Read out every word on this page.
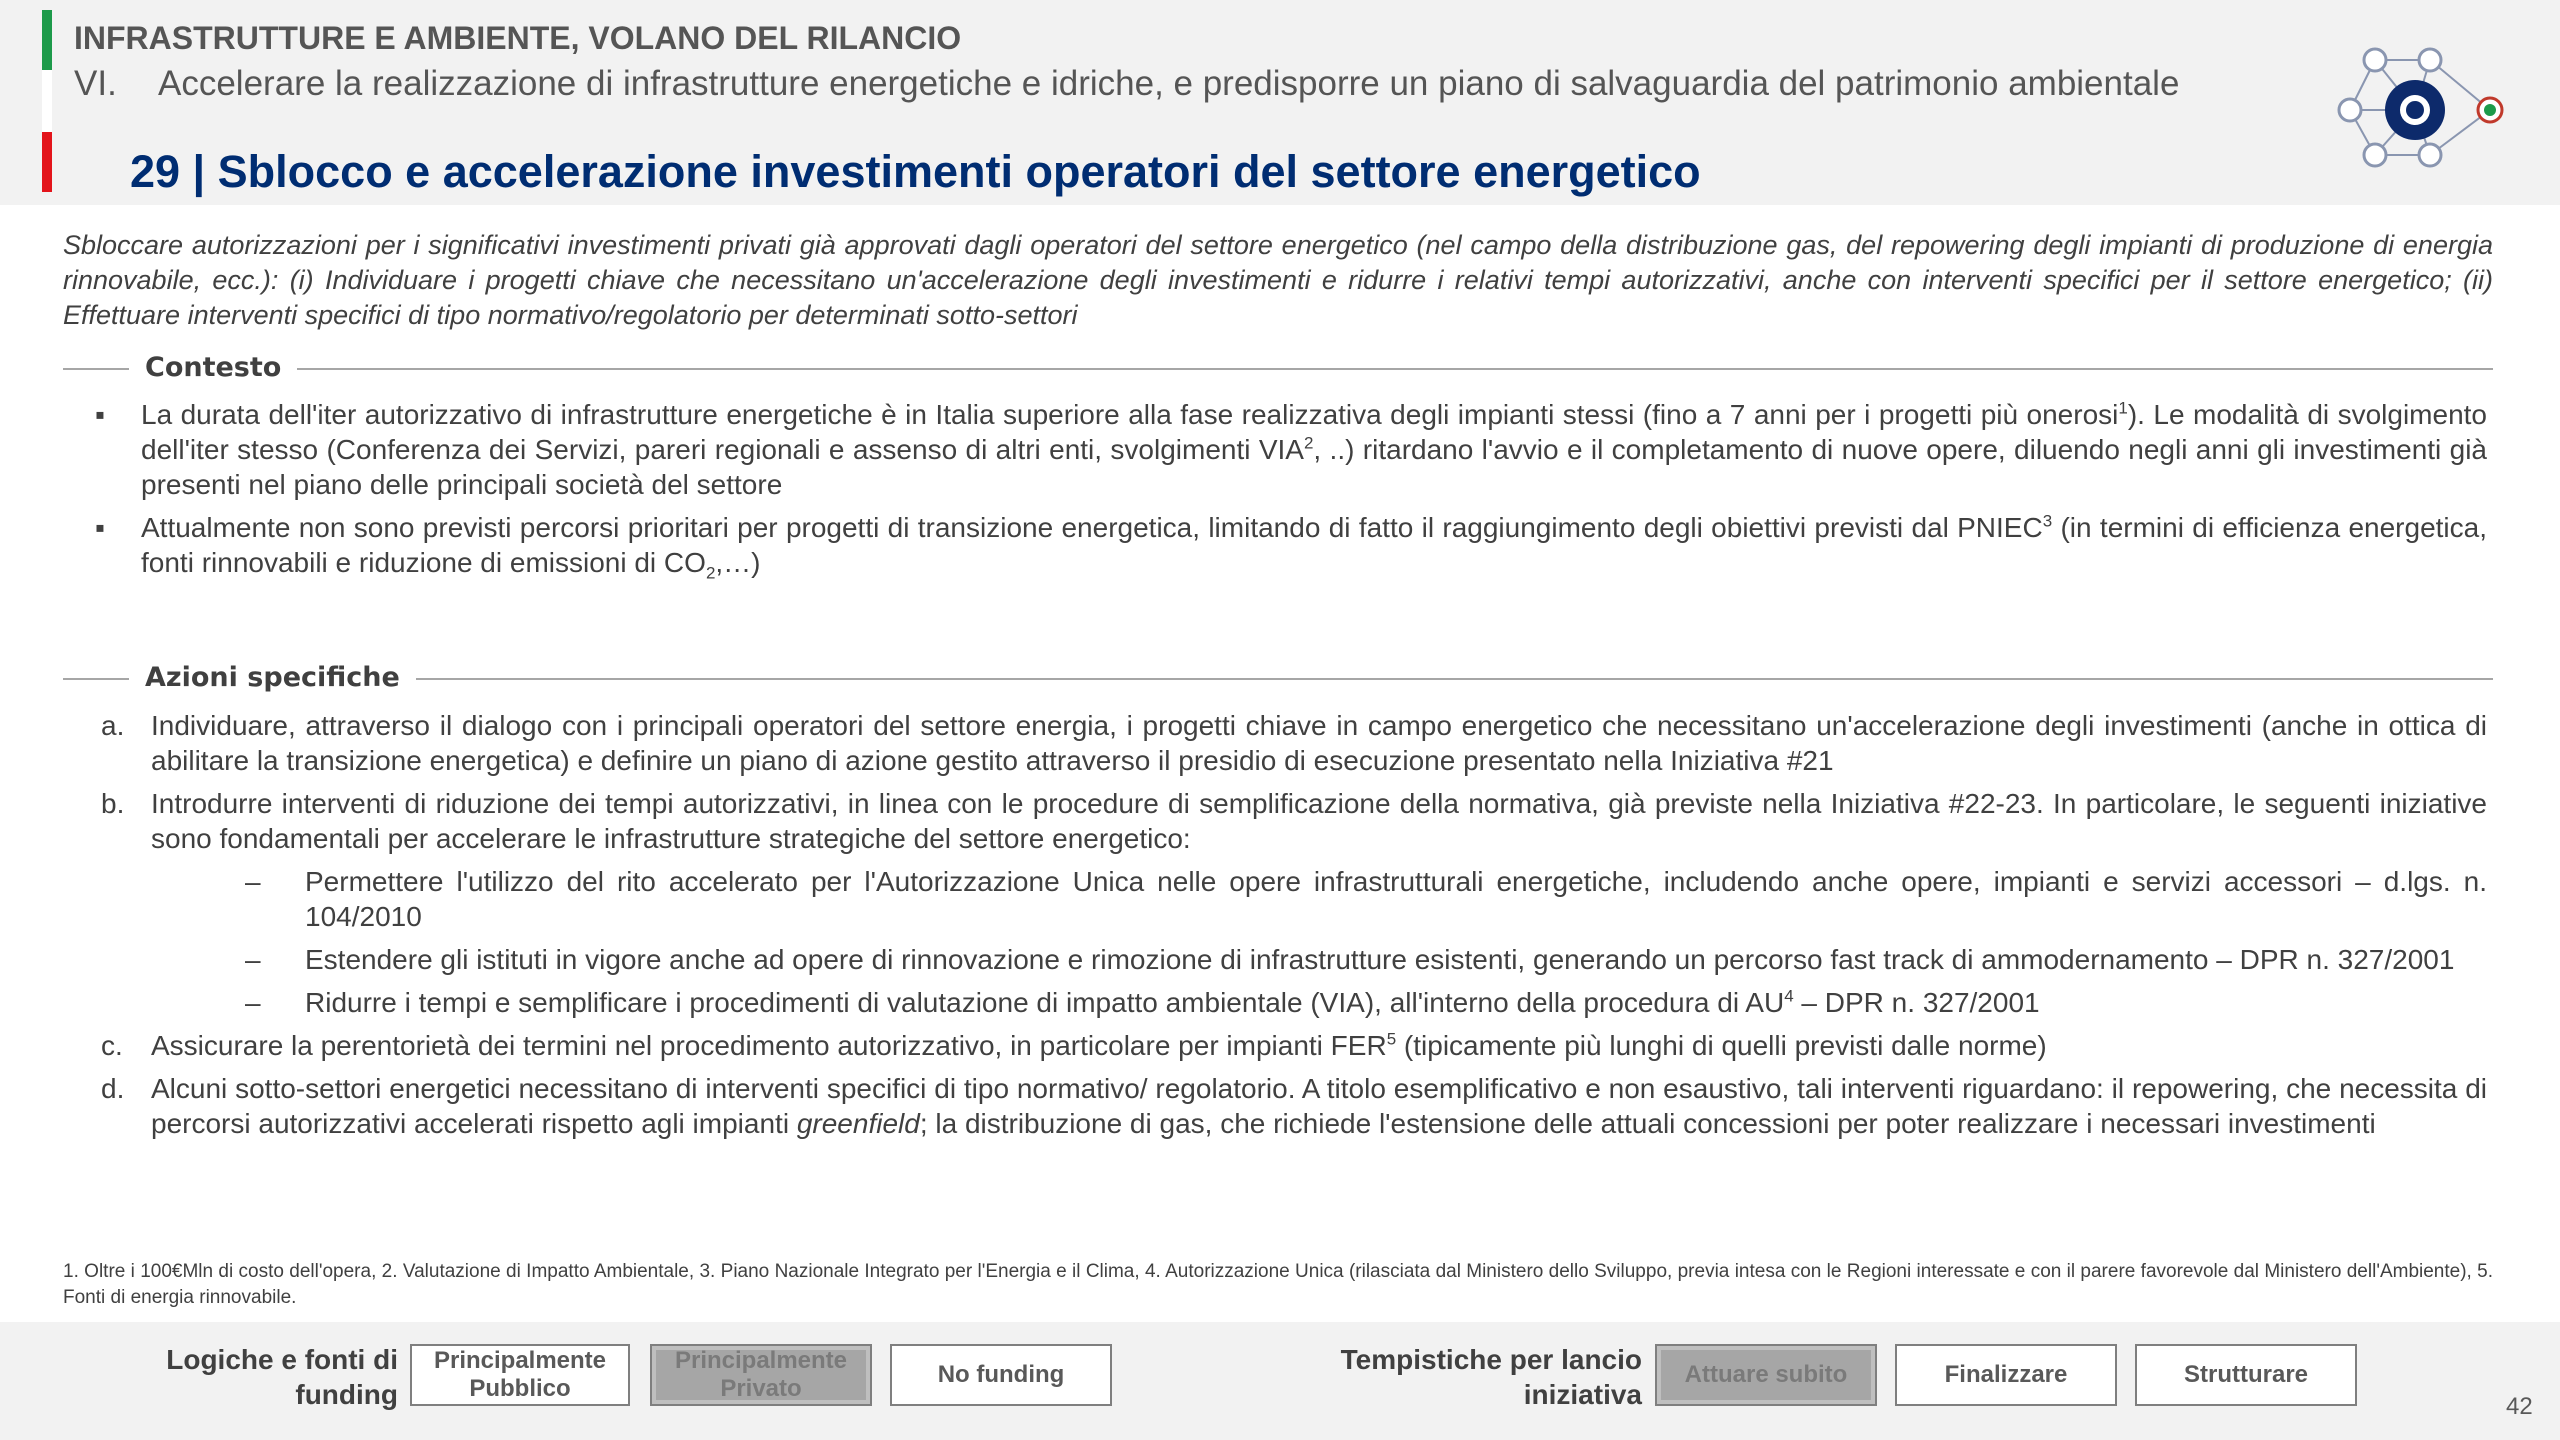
INFRASTRUTTURE E AMBIENTE, VOLANO DEL RILANCIO
VI. Accelerare la realizzazione di infrastrutture energetiche e idriche, e predisporre un piano di salvaguardia del patrimonio ambientale
29 | Sblocco e accelerazione investimenti operatori del settore energetico
Sbloccare autorizzazioni per i significativi investimenti privati già approvati dagli operatori del settore energetico (nel campo della distribuzione gas, del repowering degli impianti di produzione di energia rinnovabile, ecc.): (i) Individuare i progetti chiave che necessitano un'accelerazione degli investimenti e ridurre i relativi tempi autorizzativi, anche con interventi specifici per il settore energetico; (ii) Effettuare interventi specifici di tipo normativo/regolatorio per determinati sotto-settori
Contesto
▪ La durata dell'iter autorizzativo di infrastrutture energetiche è in Italia superiore alla fase realizzativa degli impianti stessi (fino a 7 anni per i progetti più onerosi$^1$). Le modalità di svolgimento dell'iter stesso (Conferenza dei Servizi, pareri regionali e assenso di altri enti, svolgimenti VIA$^2$, ..) ritardano l'avvio e il completamento di nuove opere, diluendo negli anni gli investimenti già presenti nel piano delle principali società del settore
▪ Attualmente non sono previsti percorsi prioritari per progetti di transizione energetica, limitando di fatto il raggiungimento degli obiettivi previsti dal PNIEC$^3$ (in termini di efficienza energetica, fonti rinnovabili e riduzione di emissioni di $CO_2,\dots$)
Azioni specifiche
a. Individuare, attraverso il dialogo con i principali operatori del settore energia, i progetti chiave in campo energetico che necessitano un'accelerazione degli investimenti (anche in ottica di abilitare la transizione energetica) e definire un piano di azione gestito attraverso il presidio di esecuzione presentato nella Iniziativa #21
b. Introdurre interventi di riduzione dei tempi autorizzativi, in linea con le procedure di semplificazione della normativa, già previste nella Iniziativa #22-23. In particolare, le seguenti iniziative sono fondamentali per accelerare le infrastrutture strategiche del settore energetico:
– Permettere l'utilizzo del rito accelerato per l'Autorizzazione Unica nelle opere infrastrutturali energetiche, includendo anche opere, impianti e servizi accessori – d.lgs. n. 104/2010
– Estendere gli istituti in vigore anche ad opere di rinnovazione e rimozione di infrastrutture esistenti, generando un percorso fast track di ammodernamento – DPR n. 327/2001
– Ridurre i tempi e semplificare i procedimenti di valutazione di impatto ambientale (VIA), all'interno della procedura di $AU^4$ – DPR n. 327/2001
c. Assicurare la perentorietà dei termini nel procedimento autorizzativo, in particolare per impianti FER$^5$ (tipicamente più lunghi di quelli previsti dalle norme)
d. Alcuni sotto-settori energetici necessitano di interventi specifici di tipo normativo/ regolatorio. A titolo esemplificativo e non esaustivo, tali interventi riguardano: il repowering, che necessita di percorsi autorizzativi accelerati rispetto agli impianti greenfield; la distribuzione di gas, che richiede l'estensione delle attuali concessioni per poter realizzare i necessari investimenti
1. Oltre i 100€Mln di costo dell'opera, 2. Valutazione di Impatto Ambientale, 3. Piano Nazionale Integrato per l'Energia e il Clima, 4. Autorizzazione Unica (rilasciata dal Ministero dello Sviluppo, previa intesa con le Regioni interessate e con il parere favorevole dal Ministero dell'Ambiente), 5. Fonti di energia rinnovabile.
Logiche e fonti di
funding
Principalmente
Pubblico
Principalmente
Privato
No funding	Tempistiche per lancio
iniziativa
Attuare subito	Finalizzare	Strutturare
42
